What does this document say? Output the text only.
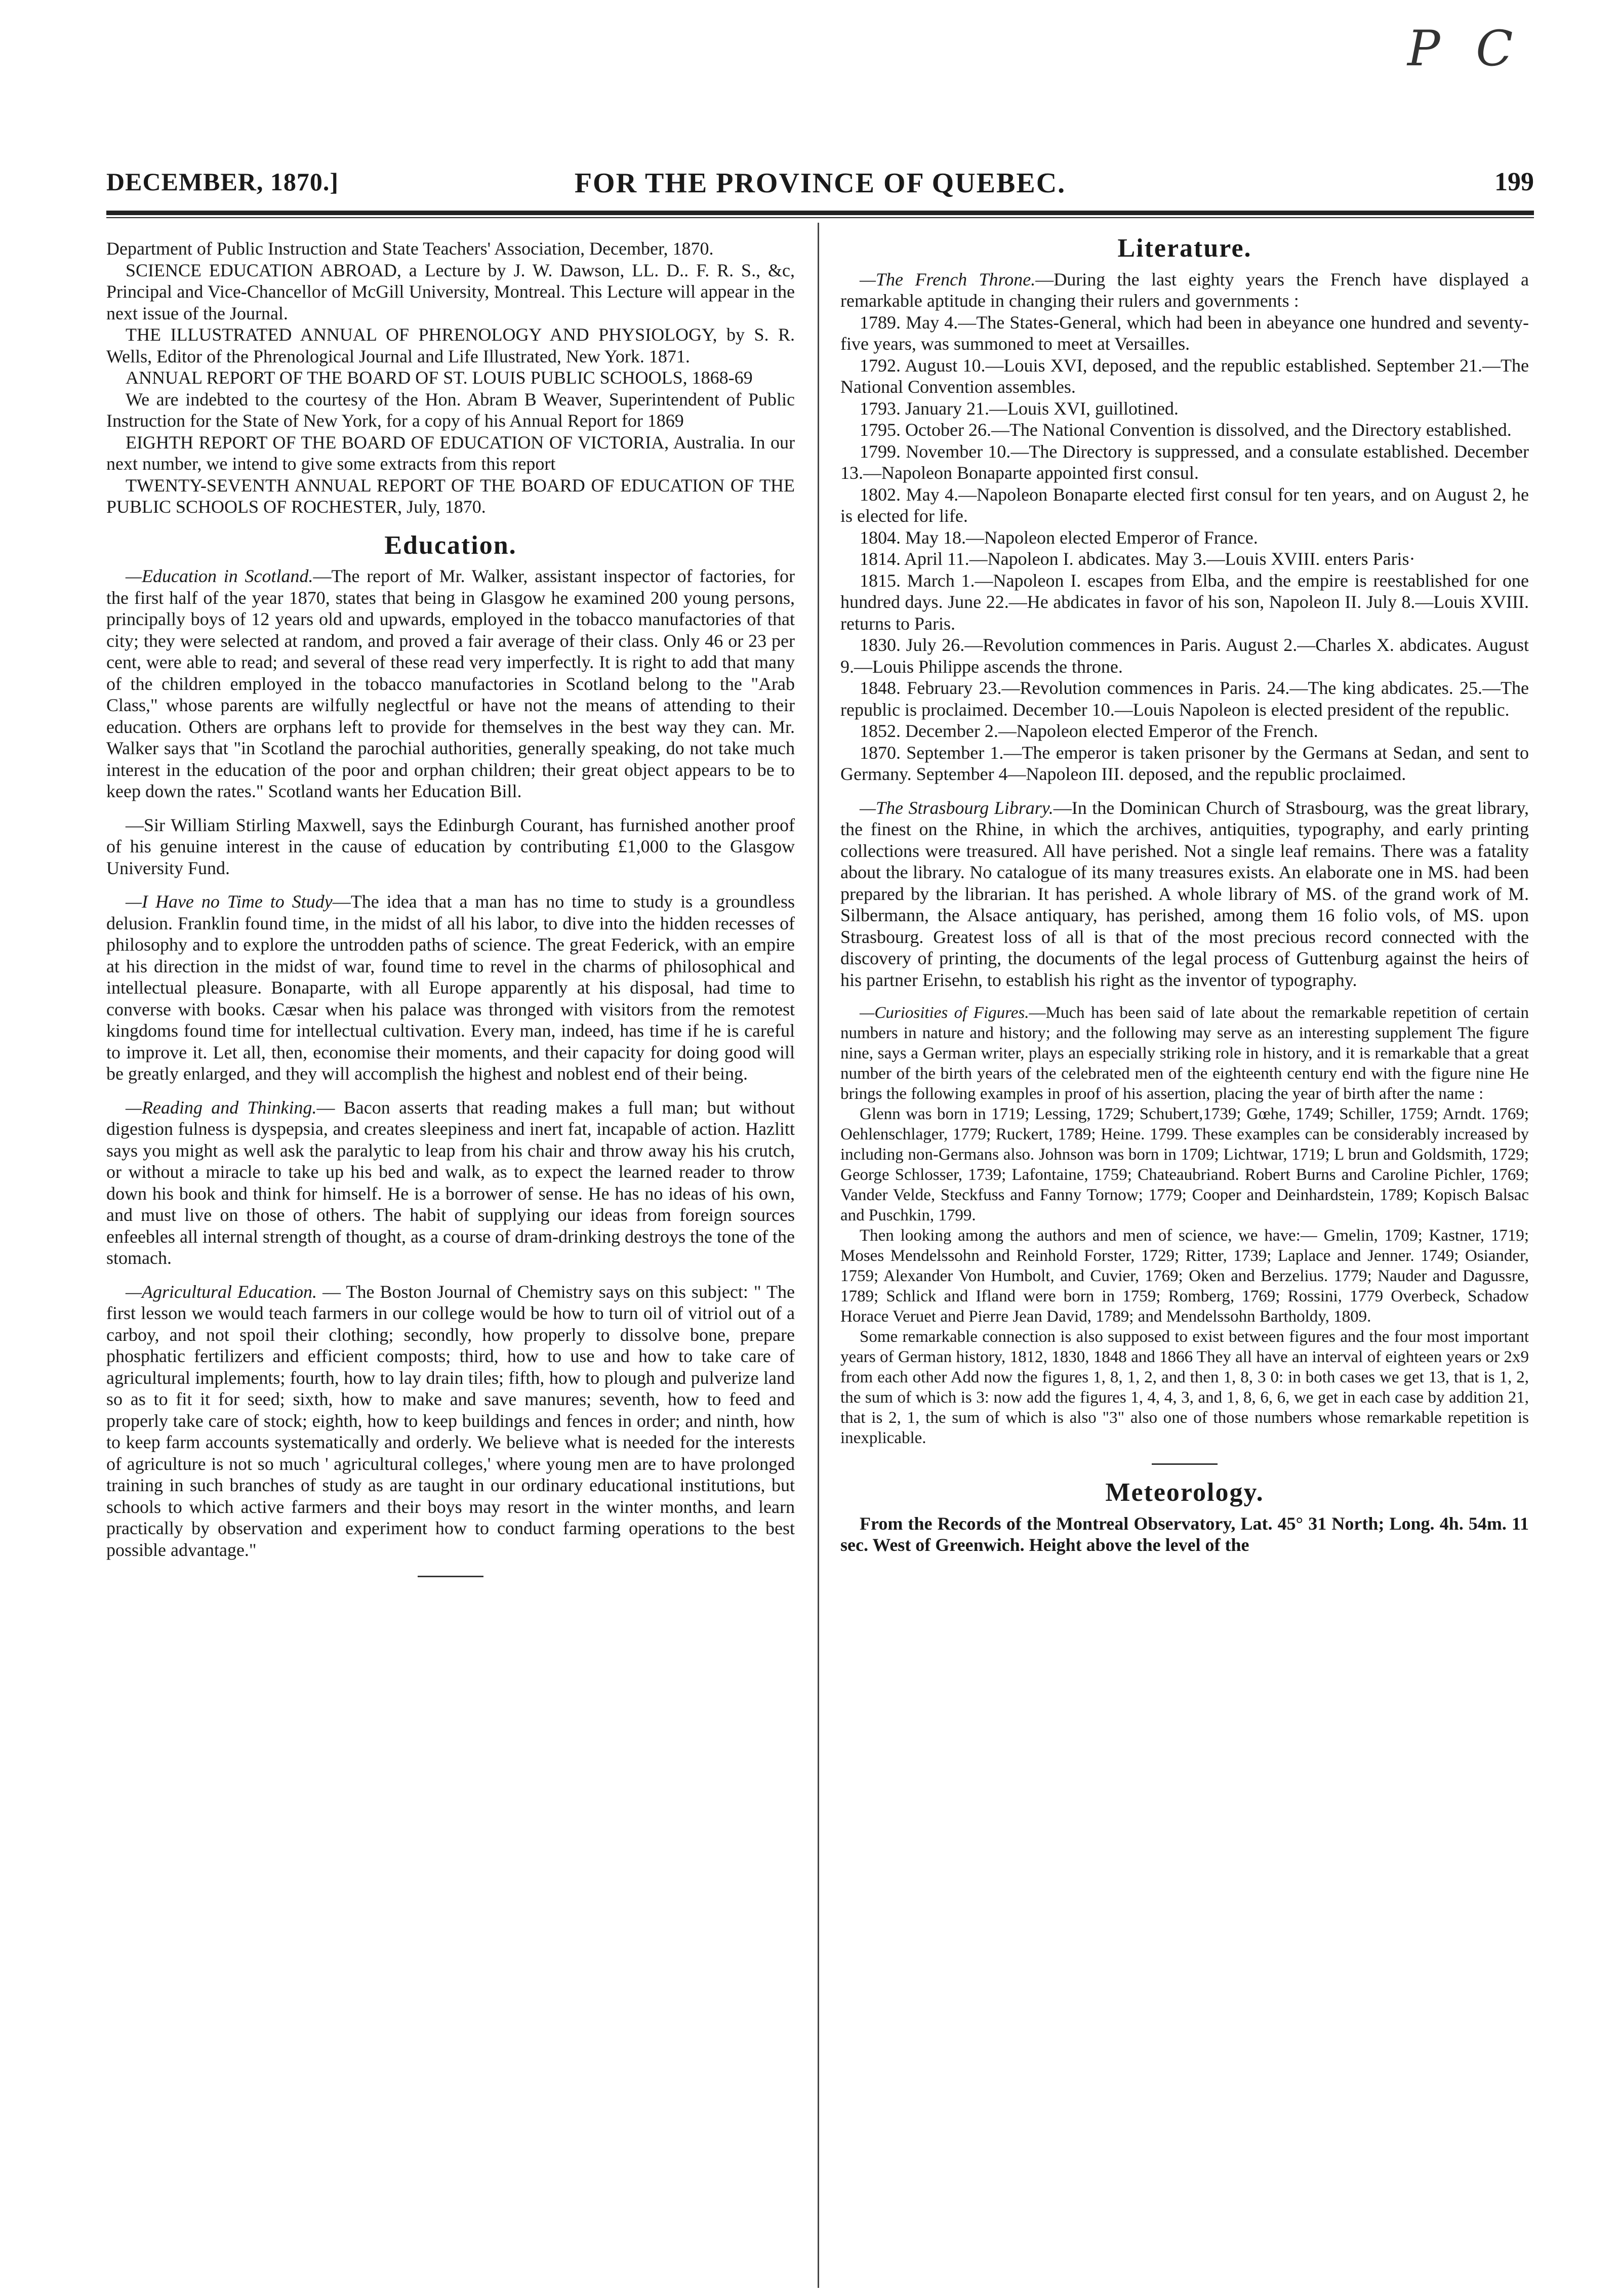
P C
DECEMBER, 1870.]	FOR THE PROVINCE OF QUEBEC.	199

Department of Public Instruction and State Teachers' Association, December, 1870.

SCIENCE EDUCATION ABROAD, a Lecture by J. W. Dawson, LL. D.. F. R. S., &c, Principal and Vice-Chancellor of McGill University, Montreal. This Lecture will appear in the next issue of the Journal.

THE ILLUSTRATED ANNUAL OF PHRENOLOGY AND PHYSIOLOGY, by S. R. Wells, Editor of the Phrenological Journal and Life Illustrated, New York. 1871.

ANNUAL REPORT OF THE BOARD OF ST. LOUIS PUBLIC SCHOOLS, 1868-69

We are indebted to the courtesy of the Hon. Abram B Weaver, Superintendent of Public Instruction for the State of New York, for a copy of his Annual Report for 1869

EIGHTH REPORT OF THE BOARD OF EDUCATION OF VICTORIA, Australia. In our next number, we intend to give some extracts from this report

TWENTY-SEVENTH ANNUAL REPORT OF THE BOARD OF EDUCATION OF THE PUBLIC SCHOOLS OF ROCHESTER, July, 1870.

Education.

—Education in Scotland.—The report of Mr. Walker, assistant inspector of factories, for the first half of the year 1870, states that being in Glasgow he examined 200 young persons, principally boys of 12 years old and upwards, employed in the tobacco manufactories of that city; they were selected at random, and proved a fair average of their class. Only 46 or 23 per cent, were able to read; and several of these read very imperfectly. It is right to add that many of the children employed in the tobacco manufactories in Scotland belong to the "Arab Class," whose parents are wilfully neglectful or have not the means of attending to their education. Others are orphans left to provide for themselves in the best way they can. Mr. Walker says that "in Scotland the parochial authorities, generally speaking, do not take much interest in the education of the poor and orphan children; their great object appears to be to keep down the rates." Scotland wants her Education Bill.

—Sir William Stirling Maxwell, says the Edinburgh Courant, has furnished another proof of his genuine interest in the cause of education by contributing £1,000 to the Glasgow University Fund.

—I Have no Time to Study—The idea that a man has no time to study is a groundless delusion. Franklin found time, in the midst of all his labor, to dive into the hidden recesses of philosophy and to explore the untrodden paths of science. The great Federick, with an empire at his direction in the midst of war, found time to revel in the charms of philosophical and intellectual pleasure. Bonaparte, with all Europe apparently at his disposal, had time to converse with books. Cæsar when his palace was thronged with visitors from the remotest kingdoms found time for intellectual cultivation. Every man, indeed, has time if he is careful to improve it. Let all, then, economise their moments, and their capacity for doing good will be greatly enlarged, and they will accomplish the highest and noblest end of their being.

—Reading and Thinking.— Bacon asserts that reading makes a full man; but without digestion fulness is dyspepsia, and creates sleepiness and inert fat, incapable of action. Hazlitt says you might as well ask the paralytic to leap from his chair and throw away his his crutch, or without a miracle to take up his bed and walk, as to expect the learned reader to throw down his book and think for himself. He is a borrower of sense. He has no ideas of his own, and must live on those of others. The habit of supplying our ideas from foreign sources enfeebles all internal strength of thought, as a course of dram-drinking destroys the tone of the stomach.

—Agricultural Education. — The Boston Journal of Chemistry says on this subject: " The first lesson we would teach farmers in our college would be how to turn oil of vitriol out of a carboy, and not spoil their clothing; secondly, how properly to dissolve bone, prepare phosphatic fertilizers and efficient composts; third, how to use and how to take care of agricultural implements; fourth, how to lay drain tiles; fifth, how to plough and pulverize land so as to fit it for seed; sixth, how to make and save manures; seventh, how to feed and properly take care of stock; eighth, how to keep buildings and fences in order; and ninth, how to keep farm accounts systematically and orderly. We believe what is needed for the interests of agriculture is not so much ' agricultural colleges,' where young men are to have prolonged training in such branches of study as are taught in our ordinary educational institutions, but schools to which active farmers and their boys may resort in the winter months, and learn practically by observation and experiment how to conduct farming operations to the best possible advantage."

Literature.

—The French Throne.—During the last eighty years the French have displayed a remarkable aptitude in changing their rulers and governments :

1789. May 4.—The States-General, which had been in abeyance one hundred and seventy-five years, was summoned to meet at Versailles.

1792. August 10.—Louis XVI, deposed, and the republic established. September 21.—The National Convention assembles.

1793. January 21.—Louis XVI, guillotined.

1795. October 26.—The National Convention is dissolved, and the Directory established.

1799. November 10.—The Directory is suppressed, and a consulate established. December 13.—Napoleon Bonaparte appointed first consul.

1802. May 4.—Napoleon Bonaparte elected first consul for ten years, and on August 2, he is elected for life.

1804. May 18.—Napoleon elected Emperor of France.

1814. April 11.—Napoleon I. abdicates. May 3.—Louis XVIII. enters Paris·

1815. March 1.—Napoleon I. escapes from Elba, and the empire is reestablished for one hundred days. June 22.—He abdicates in favor of his son, Napoleon II. July 8.—Louis XVIII. returns to Paris.

1830. July 26.—Revolution commences in Paris. August 2.—Charles X. abdicates. August 9.—Louis Philippe ascends the throne.

1848. February 23.—Revolution commences in Paris. 24.—The king abdicates. 25.—The republic is proclaimed. December 10.—Louis Napoleon is elected president of the republic.

1852. December 2.—Napoleon elected Emperor of the French.

1870. September 1.—The emperor is taken prisoner by the Germans at Sedan, and sent to Germany. September 4—Napoleon III. deposed, and the republic proclaimed.

—The Strasbourg Library.—In the Dominican Church of Strasbourg, was the great library, the finest on the Rhine, in which the archives, antiquities, typography, and early printing collections were treasured. All have perished. Not a single leaf remains. There was a fatality about the library. No catalogue of its many treasures exists. An elaborate one in MS. had been prepared by the librarian. It has perished. A whole library of MS. of the grand work of M. Silbermann, the Alsace antiquary, has perished, among them 16 folio vols, of MS. upon Strasbourg. Greatest loss of all is that of the most precious record connected with the discovery of printing, the documents of the legal process of Guttenburg against the heirs of his partner Erisehn, to establish his right as the inventor of typography.

—Curiosities of Figures.—Much has been said of late about the remarkable repetition of certain numbers in nature and history; and the following may serve as an interesting supplement The figure nine, says a German writer, plays an especially striking role in history, and it is remarkable that a great number of the birth years of the celebrated men of the eighteenth century end with the figure nine He brings the following examples in proof of his assertion, placing the year of birth after the name :

Glenn was born in 1719; Lessing, 1729; Schubert,1739; Gœhe, 1749; Schiller, 1759; Arndt. 1769; Oehlenschlager, 1779; Ruckert, 1789; Heine. 1799. These examples can be considerably increased by including non-Germans also. Johnson was born in 1709; Lichtwar, 1719; L brun and Goldsmith, 1729; George Schlosser, 1739; Lafontaine, 1759; Chateaubriand. Robert Burns and Caroline Pichler, 1769; Vander Velde, Steckfuss and Fanny Tornow; 1779; Cooper and Deinhardstein, 1789; Kopisch Balsac and Puschkin, 1799.

Then looking among the authors and men of science, we have:— Gmelin, 1709; Kastner, 1719; Moses Mendelssohn and Reinhold Forster, 1729; Ritter, 1739; Laplace and Jenner. 1749; Osiander, 1759; Alexander Von Humbolt, and Cuvier, 1769; Oken and Berzelius. 1779; Nauder and Dagussre, 1789; Schlick and Ifland were born in 1759; Romberg, 1769; Rossini, 1779 Overbeck, Schadow Horace Veruet and Pierre Jean David, 1789; and Mendelssohn Bartholdy, 1809.

Some remarkable connection is also supposed to exist between figures and the four most important years of German history, 1812, 1830, 1848 and 1866 They all have an interval of eighteen years or 2x9 from each other Add now the figures 1, 8, 1, 2, and then 1, 8, 3 0: in both cases we get 13, that is 1, 2, the sum of which is 3: now add the figures 1, 4, 4, 3, and 1, 8, 6, 6, we get in each case by addition 21, that is 2, 1, the sum of which is also "3" also one of those numbers whose remarkable repetition is inexplicable.

Meteorology.

From the Records of the Montreal Observatory, Lat. 45° 31 North; Long. 4h. 54m. 11 sec. West of Greenwich. Height above the level of the
